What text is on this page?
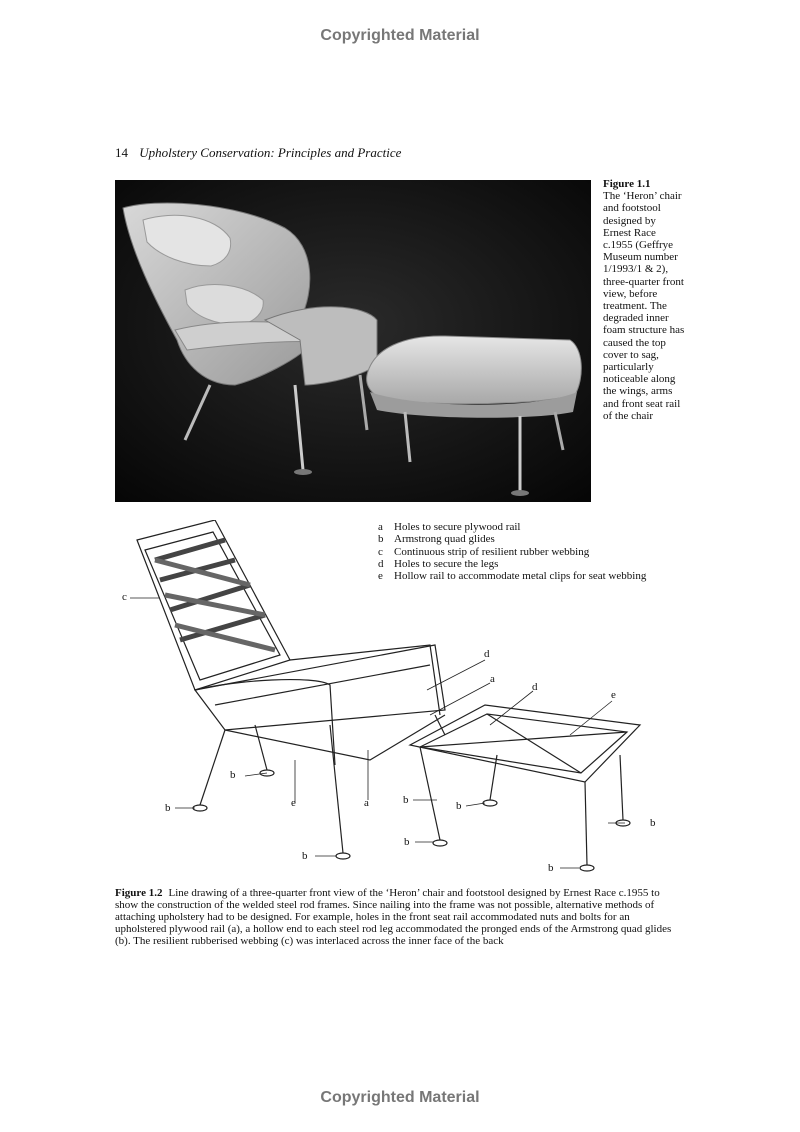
Copyrighted Material
14 Upholstery Conservation: Principles and Practice
Figure 1.1
The ‘Heron’ chair and footstool designed by Ernest Race c.1955 (Geffrye Museum number 1/1993/1 & 2), three-quarter front view, before treatment. The degraded inner foam structure has caused the top cover to sag, particularly noticeable along the wings, arms and front seat rail of the chair
c
d
a
d
e
b
b	e	a	b	b
b
b
b
b
a Holes to secure plywood rail
b Armstrong quad glides
c Continuous strip of resilient rubber webbing
d Holes to secure the legs
e Hollow rail to accommodate metal clips for seat webbing
Figure 1.2 Line drawing of a three-quarter front view of the ‘Heron’ chair and footstool designed by Ernest Race c.1955 to show the construction of the welded steel rod frames. Since nailing into the frame was not possible, alternative methods of attaching upholstery had to be designed. For example, holes in the front seat rail accommodated nuts and bolts for an upholstered plywood rail (a), a hollow end to each steel rod leg accommodated the pronged ends of the Armstrong quad glides (b). The resilient rubberised webbing (c) was interlaced across the inner face of the back
Copyrighted Material
